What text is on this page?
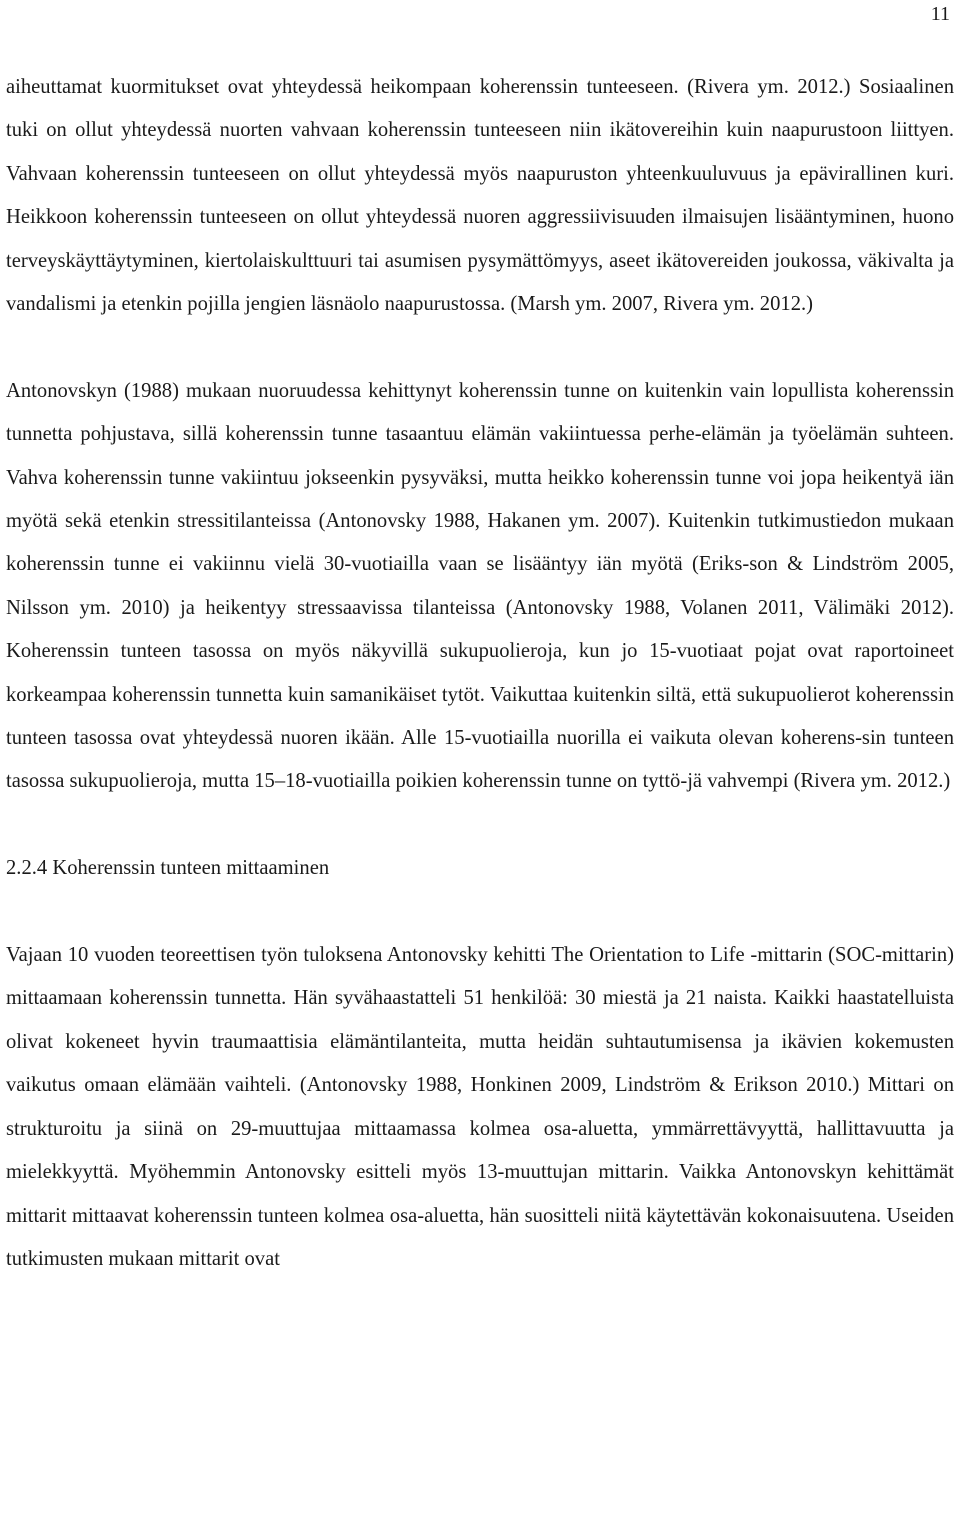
11

aiheuttamat kuormitukset ovat yhteydessä heikompaan koherenssin tunteeseen. (Rivera ym. 2012.) Sosiaalinen tuki on ollut yhteydessä nuorten vahvaan koherenssin tunteeseen niin ikätovereihin kuin naapurustoon liittyen. Vahvaan koherenssin tunteeseen on ollut yhteydessä myös naapuruston yhteenkuuluvuus ja epävirallinen kuri. Heikkoon koherenssin tunteeseen on ollut yhteydessä nuoren aggressiivisuuden ilmaisujen lisääntyminen, huono terveyskäyttäytyminen, kiertolaiskulttuuri tai asumisen pysymättömyys, aseet ikätovereiden joukossa, väkivalta ja vandalismi ja etenkin pojilla jengien läsnäolo naapurustossa. (Marsh ym. 2007, Rivera ym. 2012.)

Antonovskyn (1988) mukaan nuoruudessa kehittynyt koherenssin tunne on kuitenkin vain lopullista koherenssin tunnetta pohjustava, sillä koherenssin tunne tasaantuu elämän vakiintuessa perhe-elämän ja työelämän suhteen. Vahva koherenssin tunne vakiintuu jokseenkin pysyväksi, mutta heikko koherenssin tunne voi jopa heikentyä iän myötä sekä etenkin stressitilanteissa (Antonovsky 1988, Hakanen ym. 2007). Kuitenkin tutkimustiedon mukaan koherenssin tunne ei vakiinnu vielä 30-vuotiailla vaan se lisääntyy iän myötä (Eriks-son & Lindström 2005, Nilsson ym. 2010) ja heikentyy stressaavissa tilanteissa (Antonovsky 1988, Volanen 2011, Välimäki 2012). Koherenssin tunteen tasossa on myös näkyvillä sukupuolieroja, kun jo 15-vuotiaat pojat ovat raportoineet korkeampaa koherenssin tunnetta kuin samanikäiset tytöt. Vaikuttaa kuitenkin siltä, että sukupuolierot koherenssin tunteen tasossa ovat yhteydessä nuoren ikään. Alle 15-vuotiailla nuorilla ei vaikuta olevan koherens-sin tunteen tasossa sukupuolieroja, mutta 15–18-vuotiailla poikien koherenssin tunne on tyttö-jä vahvempi (Rivera ym. 2012.)

2.2.4 Koherenssin tunteen mittaaminen

Vajaan 10 vuoden teoreettisen työn tuloksena Antonovsky kehitti The Orientation to Life -mittarin (SOC-mittarin) mittaamaan koherenssin tunnetta. Hän syvähaastatteli 51 henkilöä: 30 miestä ja 21 naista. Kaikki haastatelluista olivat kokeneet hyvin traumaattisia elämäntilanteita, mutta heidän suhtautumisensa ja ikävien kokemusten vaikutus omaan elämään vaihteli. (Antonovsky 1988, Honkinen 2009, Lindström & Erikson 2010.) Mittari on strukturoitu ja siinä on 29-muuttujaa mittaamassa kolmea osa-aluetta, ymmärrettävyyttä, hallittavuutta ja mielekkyyttä. Myöhemmin Antonovsky esitteli myös 13-muuttujan mittarin. Vaikka Antonovskyn kehittämät mittarit mittaavat koherenssin tunteen kolmea osa-aluetta, hän suositteli niitä käytettävän kokonaisuutena. Useiden tutkimusten mukaan mittarit ovat
